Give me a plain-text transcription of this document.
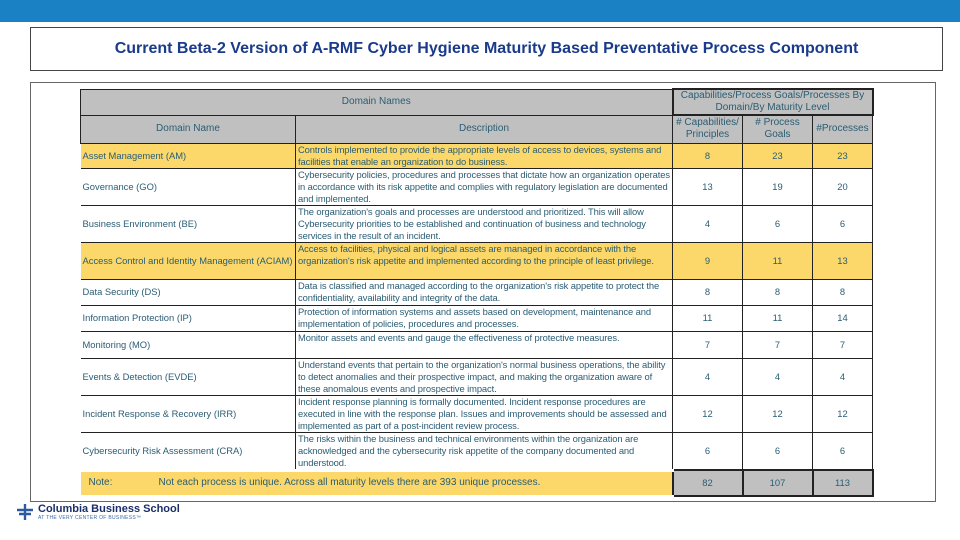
Current Beta-2 Version of A-RMF Cyber Hygiene Maturity Based Preventative Process Component
Domain Names		Capabilities/Process Goals/Processes By Domain/By Maturity Level		
Domain Name	Description	# Capabilities/ Principles	# Process Goals	#Processes
Asset Management (AM)	Controls implemented to provide the appropriate levels of access to devices, systems and facilities that enable an organization to do business.	8	23	23
Governance (GO)	Cybersecurity policies, procedures and processes that dictate how an organization operates in accordance with its risk appetite and complies with regulatory legislation are documented and implemented.	13	19	20
Business Environment (BE)	The organization's goals and processes are understood and prioritized. This will allow Cybersecurity priorities to be established and continuation of business and technology services in the result of an incident.	4	6	6
Access Control and Identity Management (ACIAM)	Access to facilities, physical and logical assets are managed in accordance with the organization's risk appetite and implemented according to the principle of least privilege.	9	11	13
Data Security (DS)	Data is classified and managed according to the organization's risk appetite to protect the confidentiality, availability and integrity of the data.	8	8	8
Information Protection (IP)	Protection of information systems and assets based on development, maintenance and implementation of policies, procedures and processes.	11	11	14
Monitoring (MO)	Monitor assets and events and gauge the effectiveness of protective measures.	7	7	7
Events & Detection (EVDE)	Understand events that pertain to the organization's normal business operations, the ability to detect anomalies and their prospective impact, and making the organization aware of these anomalous events and prospective impact.	4	4	4
Incident Response & Recovery (IRR)	Incident response planning is formally documented. Incident response procedures are executed in line with the response plan. Issues and improvements should be assessed and implemented as part of a post-incident review process.	12	12	12
Cybersecurity Risk Assessment (CRA)	The risks within the business and technical environments within the organization are acknowledged and the cybersecurity risk appetite of the company documented and understood.	6	6	6
Note: Not each process is unique. Across all maturity levels there are 393 unique processes.		82	107	113
Columbia Business School
AT THE VERY CENTER OF BUSINESS™
